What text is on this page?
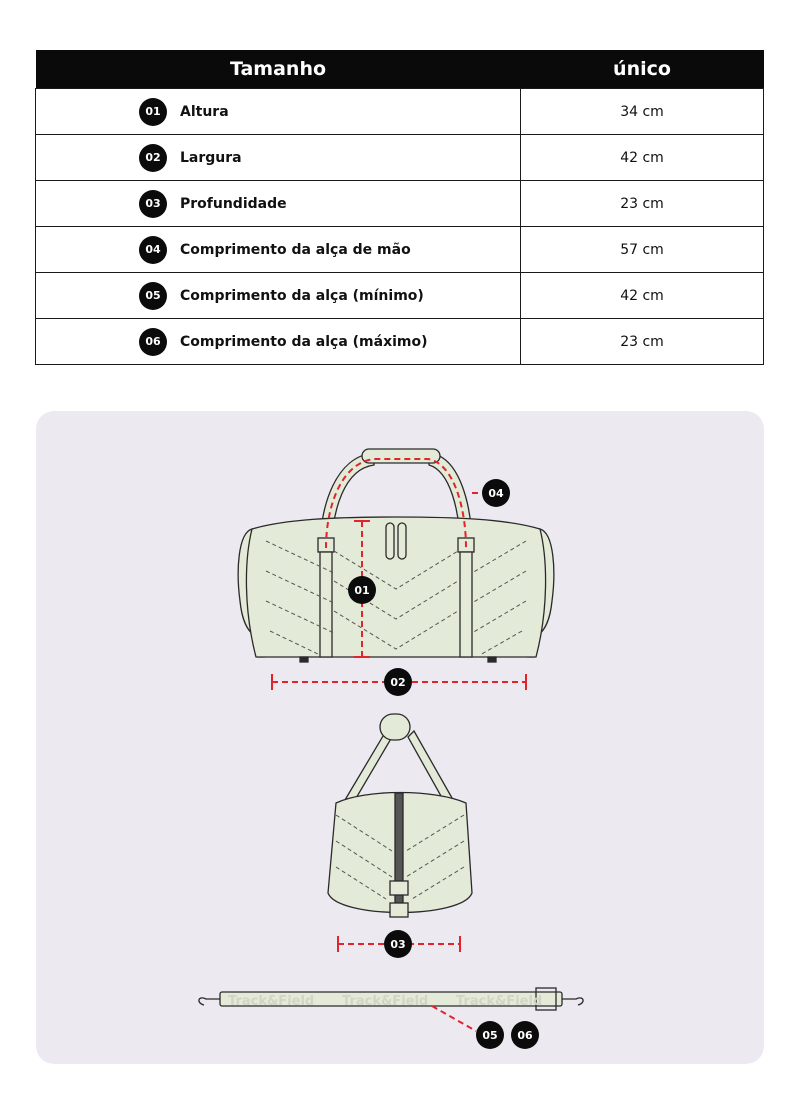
Tamanho	único

01 Altura	34 cm

02 Largura	42 cm

03 Profundidade	23 cm

04 Comprimento da alça de mão	57 cm

05 Comprimento da alça (mínimo)	42 cm

06 Comprimento da alça (máximo)	23 cm
Track&Field Track&Field Track&Field
01
02
04
03
05 06
